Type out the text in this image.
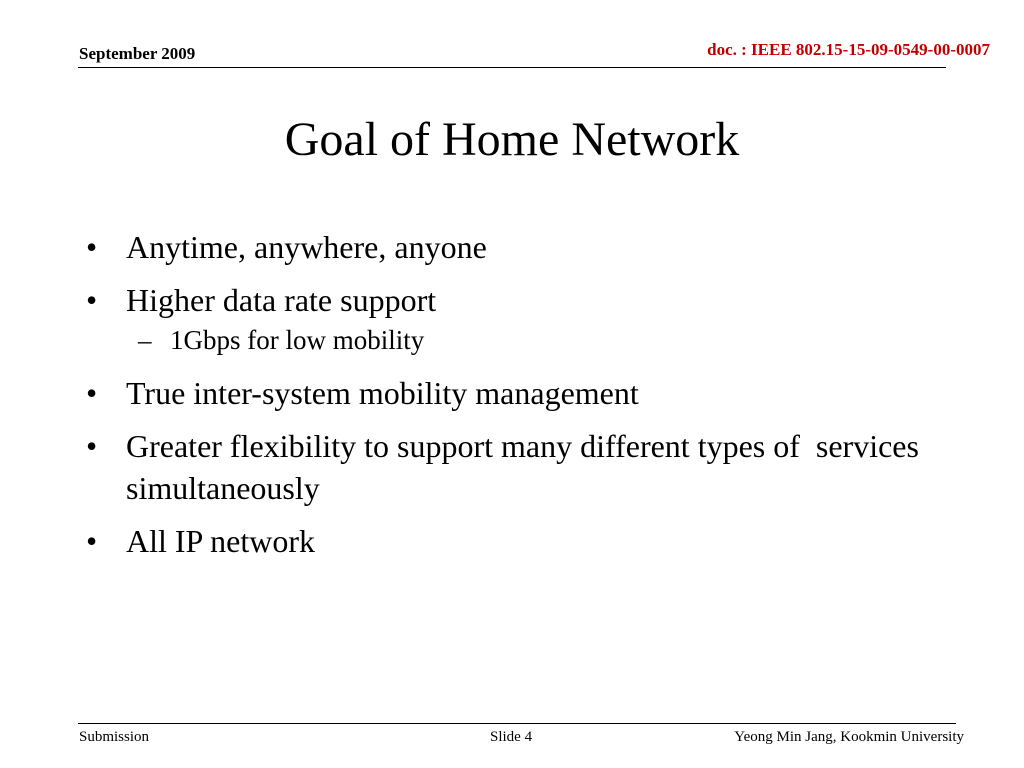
September 2009	doc. : IEEE 802.15-15-09-0549-00-0007
Goal of Home Network
• Anytime, anywhere, anyone
• Higher data rate support
– 1Gbps for low mobility
• True inter-system mobility management
• Greater flexibility to support many different types of  services simultaneously
• All IP network
Submission	Slide 4	Yeong Min Jang, Kookmin University
